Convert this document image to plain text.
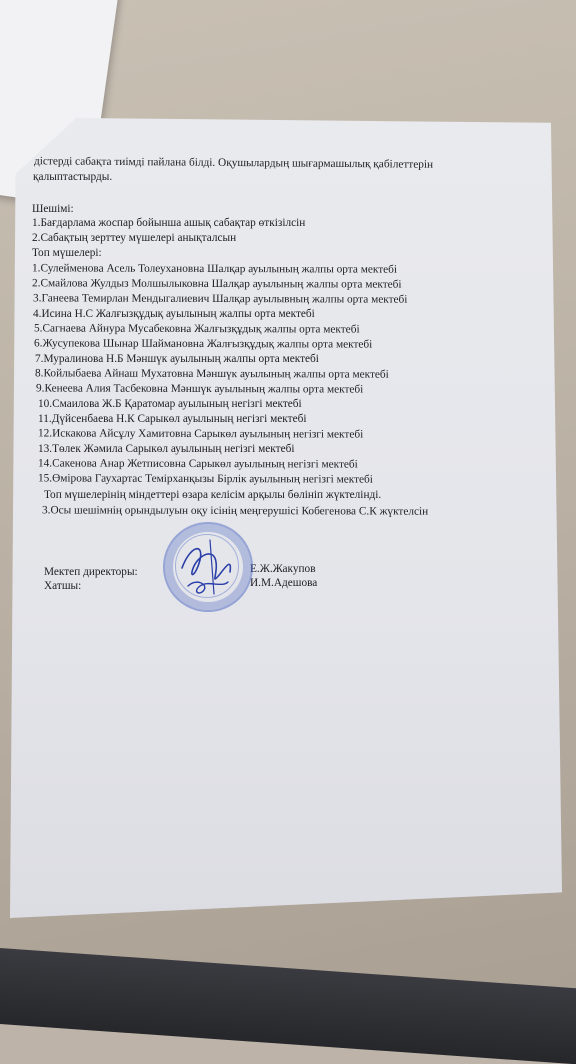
дістерді сабақта тиімді пайлана білді. Оқушылардың шығармашылық қабілеттерін
қалыптастырды.
Шешімі:
1.Бағдарлама жоспар бойынша ашық сабақтар өткізілсін
2.Сабақтың зерттеу мүшелері анықталсын
Топ мүшелері:
1.Сулейменова Асель Толеухановна Шалқар ауылының жалпы орта мектебі
2.Смайлова Жулдыз Молшылыковна Шалқар ауылының жалпы орта мектебі
3.Ганеева Темирлан Мендыгалиевич Шалқар ауылывның жалпы орта мектебі
4.Исина Н.С Жалғызқұдық ауылының жалпы орта мектебі
5.Сагнаева Айнура Мусабековна Жалғызқұдық жалпы орта мектебі
6.Жусупекова Шынар Шаймановна Жалғызқұдық жалпы орта мектебі
7.Муралинова Н.Б Мәншүк ауылының жалпы орта мектебі
8.Койлыбаева Айнаш Мухатовна Мәншүк ауылының жалпы орта мектебі
9.Кенеева Алия Тасбековна Мәншүк ауылының жалпы орта мектебі
10.Смаилова Ж.Б Қаратомар ауылының негізгі мектебі
11.Дүйсенбаева Н.К Сарыкөл ауылының негізгі мектебі
12.Искакова Айсұлу Хамитовна Сарыкөл ауылының негізгі мектебі
13.Төлек Жәмила Сарыкөл ауылының негізгі мектебі
14.Сакенова Анар Жетписовна Сарыкөл ауылының негізгі мектебі
15.Өмірова Гаухартас Темірханқызы Бірлік ауылының негізгі мектебі
Топ мүшелерінің міндеттері өзара келісім арқылы бөлініп жүктелінді.
3.Осы шешімнің орындылуын оқу ісінің меңгерушісі Кобегенова С.К жүктелсін
Мектеп директоры:	Е.Ж.Жакупов
Хатшы:	И.М.Адешова
